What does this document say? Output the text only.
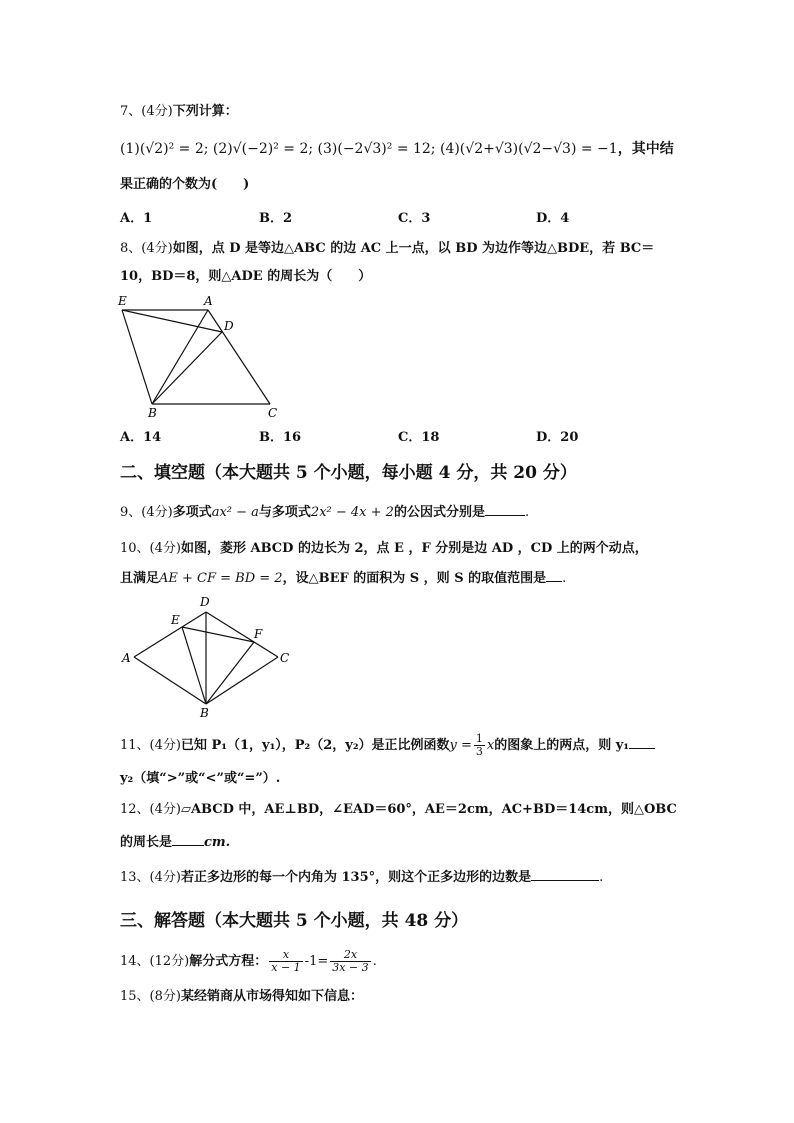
7、(4分)下列计算：
(1)(√2)² = 2; (2)√(−2)² = 2; (3)(−2√3)² = 12; (4)(√2+√3)(√2−√3) = −1，其中结
果正确的个数为(　　)
A．1	B．2	C．3	D．4
8、(4分)如图，点 D 是等边△ABC 的边 AC 上一点，以 BD 为边作等边△BDE，若 BC＝
10，BD＝8，则△ADE 的周长为（　　）
E	A
D
B	C
A．14	B．16	C．18	D．20
二、填空题（本大题共 5 个小题，每小题 4 分，共 20 分）
9、(4分)多项式ax² − a与多项式2x² − 4x + 2的公因式分别是	.
10、(4分)如图，菱形 ABCD 的边长为 2，点 E ，F 分别是边 AD ，CD 上的两个动点，
且满足AE + CF = BD = 2，设△BEF 的面积为 S ，则 S 的取值范围是 .
A
B
C
D
E
F
11、(4分)已知 P₁（1，y₁），P₂（2，y₂）是正比例函数$y = \frac{1}{3}$ x的图象上的两点，则 y₁
y₂（填“>”或“<”或“=”）.
12、(4分)▱ABCD 中，AE⊥BD，∠EAD＝60°，AE＝2cm，AC+BD＝14cm，则△OBC
的周长是 cm.
13、(4分)若正多边形的每一个内角为 135°，则这个正多边形的边数是	.
三、解答题（本大题共 5 个小题，共 48 分）
14、(12分)解分式方程： $\frac{x}{x - 1} -1= \frac{2x}{3x - 3}$ .
15、(8分)某经销商从市场得知如下信息：
